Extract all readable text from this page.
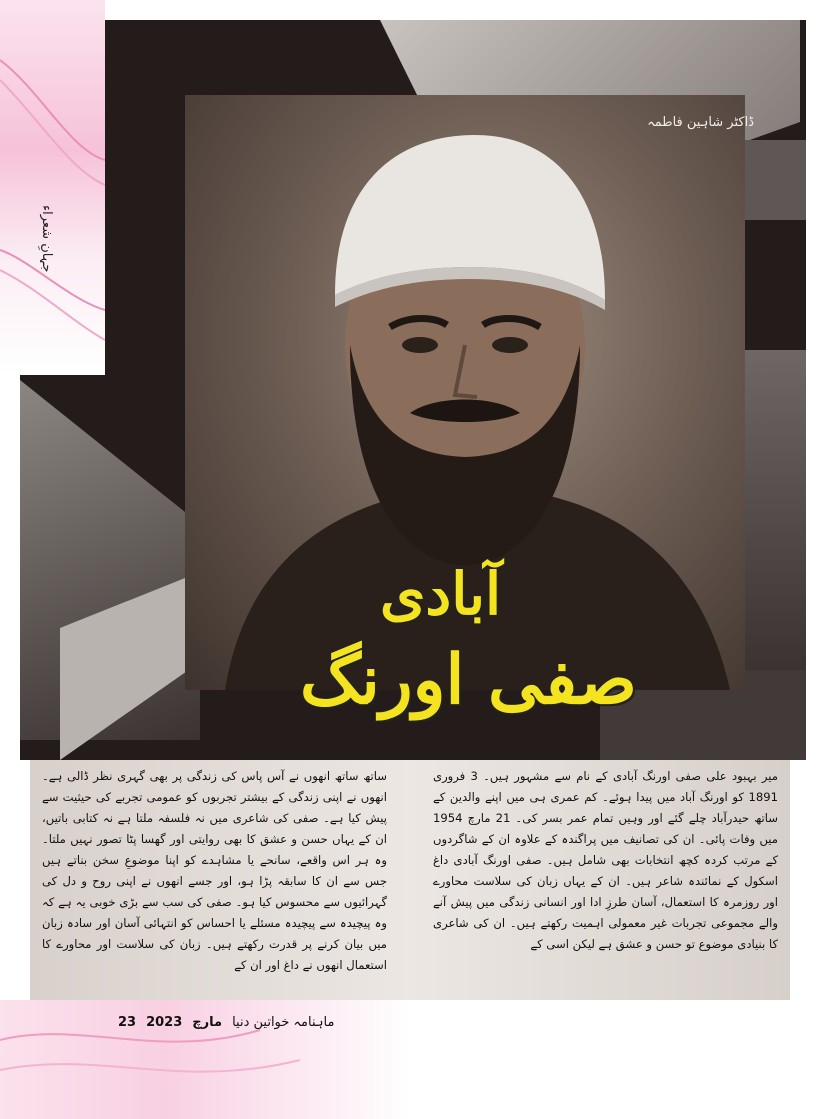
جہانِ شعراء
ڈاکٹر شاہین فاطمہ
آبادی
صفی اورنگ

میر بہبود علی صفی اورنگ آبادی کے نام سے مشہور ہیں۔ 3 فروری 1891 کو اورنگ آباد میں پیدا ہوئے۔ کم عمری ہی میں اپنے والدین کے ساتھ حیدرآباد چلے گئے اور وہیں تمام عمر بسر کی۔ 21 مارچ 1954 میں وفات پائی۔ ان کی تصانیف میں پراگندہ کے علاوہ ان کے شاگردوں کے مرتب کردہ کچھ انتخابات بھی شامل ہیں۔ صفی اورنگ آبادی داغ اسکول کے نمائندہ شاعر ہیں۔ ان کے یہاں زبان کی سلاست محاورے اور روزمرہ کا استعمال، آسان طرزِ ادا اور انسانی زندگی میں پیش آنے والے مجموعی تجربات غیر معمولی اہمیت رکھتے ہیں۔ ان کی شاعری کا بنیادی موضوع تو حسن و عشق ہے لیکن اسی کے

ساتھ ساتھ انھوں نے آس پاس کی زندگی پر بھی گہری نظر ڈالی ہے۔ انھوں نے اپنی زندگی کے بیشتر تجربوں کو عمومی تجربے کی حیثیت سے پیش کیا ہے۔ صفی کی شاعری میں نہ فلسفہ ملتا ہے نہ کتابی باتیں، ان کے یہاں حسن و عشق کا بھی روایتی اور گھسا پٹا تصور نہیں ملتا۔ وہ ہر اس واقعے، سانحے یا مشاہدے کو اپنا موضوعِ سخن بناتے ہیں جس سے ان کا سابقہ پڑا ہو، اور جسے انھوں نے اپنی روح و دل کی گہرائیوں سے محسوس کیا ہو۔ صفی کی سب سے بڑی خوبی یہ ہے کہ وہ پیچیدہ سے پیچیدہ مسئلے یا احساس کو انتہائی آسان اور سادہ زبان میں بیان کرنے پر قدرت رکھتے ہیں۔ زبان کی سلاست اور محاورے کا استعمال انھوں نے داغ اور ان کے

ماہنامہ خواتین دنیا
مارچ
2023
23
